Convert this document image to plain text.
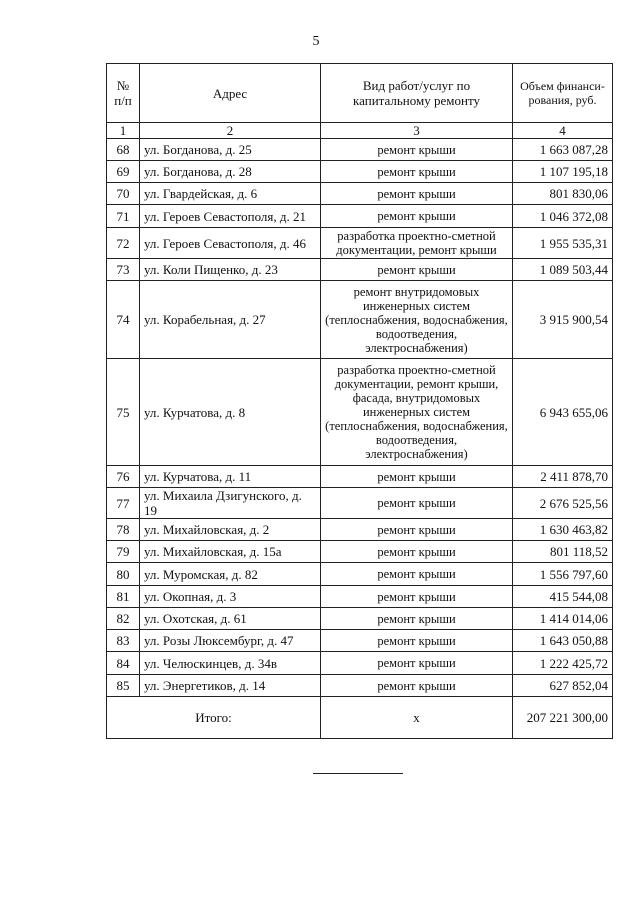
5
№ п/п	Адрес	Вид работ/услуг по капитальному ремонту	Объем финанси-рования, руб.
1	2	3	4
68	ул. Богданова, д. 25	ремонт крыши	1 663 087,28
69	ул. Богданова, д. 28	ремонт крыши	1 107 195,18
70	ул. Гвардейская, д. 6	ремонт крыши	801 830,06
71	ул. Героев Севастополя, д. 21	ремонт крыши	1 046 372,08
72	ул. Героев Севастополя, д. 46	разработка проектно-сметной документации, ремонт крыши	1 955 535,31
73	ул. Коли Пищенко, д. 23	ремонт крыши	1 089 503,44
74	ул. Корабельная, д. 27	ремонт внутридомовых инженерных систем (теплоснабжения, водоснабжения, водоотведения, электроснабжения)	3 915 900,54
75	ул. Курчатова, д. 8	разработка проектно-сметной документации, ремонт крыши, фасада, внутридомовых инженерных систем (теплоснабжения, водоснабжения, водоотведения, электроснабжения)	6 943 655,06
76	ул. Курчатова, д. 11	ремонт крыши	2 411 878,70
77	ул. Михаила Дзигунского, д. 19	ремонт крыши	2 676 525,56
78	ул. Михайловская, д. 2	ремонт крыши	1 630 463,82
79	ул. Михайловская, д. 15а	ремонт крыши	801 118,52
80	ул. Муромская, д. 82	ремонт крыши	1 556 797,60
81	ул. Окопная, д. 3	ремонт крыши	415 544,08
82	ул. Охотская, д. 61	ремонт крыши	1 414 014,06
83	ул. Розы Люксембург, д. 47	ремонт крыши	1 643 050,88
84	ул. Челюскинцев, д. 34в	ремонт крыши	1 222 425,72
85	ул. Энергетиков, д. 14	ремонт крыши	627 852,04
Итого:		х	207 221 300,00
